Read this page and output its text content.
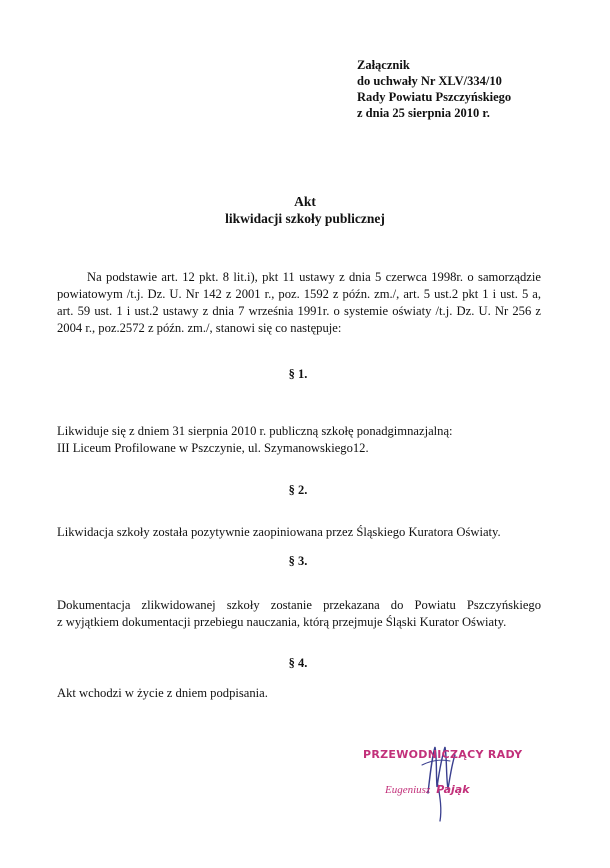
Załącznik
do uchwały Nr XLV/334/10
Rady Powiatu Pszczyńskiego
z dnia 25 sierpnia 2010 r.
Akt
likwidacji szkoły publicznej
Na podstawie art. 12 pkt. 8 lit.i), pkt 11 ustawy z dnia 5 czerwca 1998r. o samorządzie powiatowym /t.j. Dz. U. Nr 142 z 2001 r., poz. 1592 z późn. zm./, art. 5 ust.2 pkt 1 i ust. 5 a, art. 59 ust. 1 i ust.2 ustawy z dnia 7 września 1991r. o systemie oświaty /t.j. Dz. U. Nr 256 z 2004 r., poz.2572 z późn. zm./, stanowi się co następuje:
§ 1.
Likwiduje się z dniem 31 sierpnia 2010 r. publiczną szkołę ponadgimnazjalną:
III Liceum Profilowane w Pszczynie, ul. Szymanowskiego12.
§ 2.
Likwidacja szkoły została pozytywnie zaopiniowana przez Śląskiego Kuratora Oświaty.
§ 3.
Dokumentacja zlikwidowanej szkoły zostanie przekazana do Powiatu Pszczyńskiego
z wyjątkiem dokumentacji przebiegu nauczania, którą przejmuje Śląski Kurator Oświaty.
§ 4.
Akt wchodzi w życie z dniem podpisania.
PRZEWODNICZĄCY RADY
Eugeniusz Pająk
